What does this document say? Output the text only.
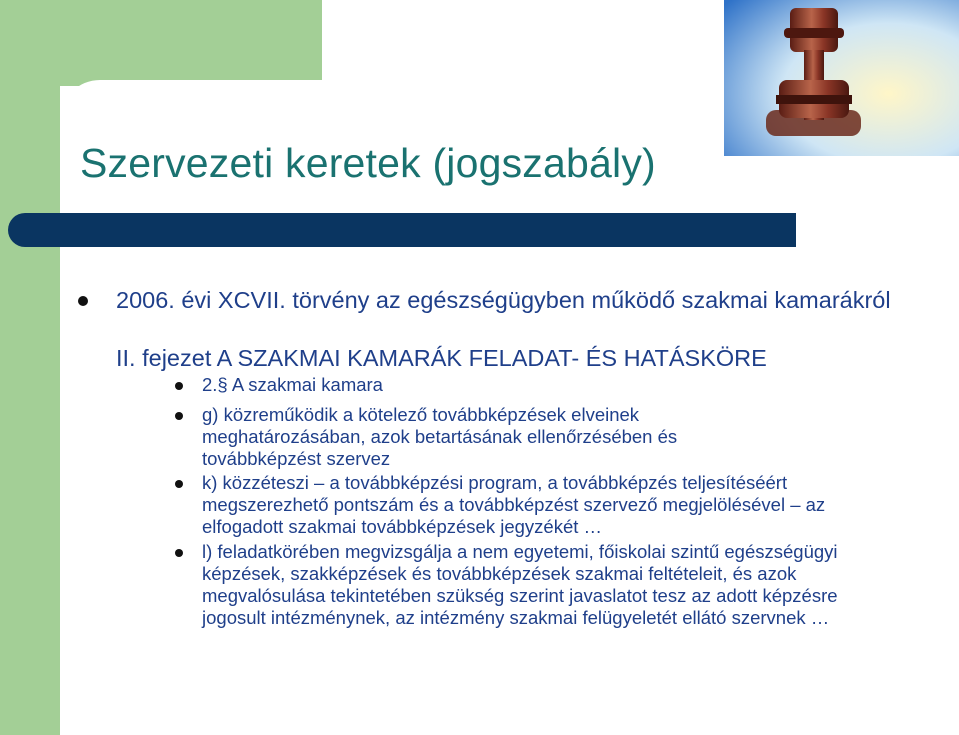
Szervezeti keretek (jogszabály)

2006. évi XCVII. törvény az egészségügyben működő szakmai kamarákról

II. fejezet A SZAKMAI KAMARÁK FELADAT- ÉS HATÁSKÖRE

2.§ A szakmai kamara

g) közreműködik a kötelező továbbképzések elveinek meghatározásában, azok betartásának ellenőrzésében és továbbképzést szervez

k) közzéteszi – a továbbképzési program, a továbbképzés teljesítéséért megszerezhető pontszám és a továbbképzést szervező megjelölésével – az elfogadott szakmai továbbképzések jegyzékét …

l) feladatkörében megvizsgálja a nem egyetemi, főiskolai szintű egészségügyi képzések, szakképzések és továbbképzések szakmai feltételeit, és azok megvalósulása tekintetében szükség szerint javaslatot tesz az adott képzésre jogosult intézménynek, az intézmény szakmai felügyeletét ellátó szervnek …
